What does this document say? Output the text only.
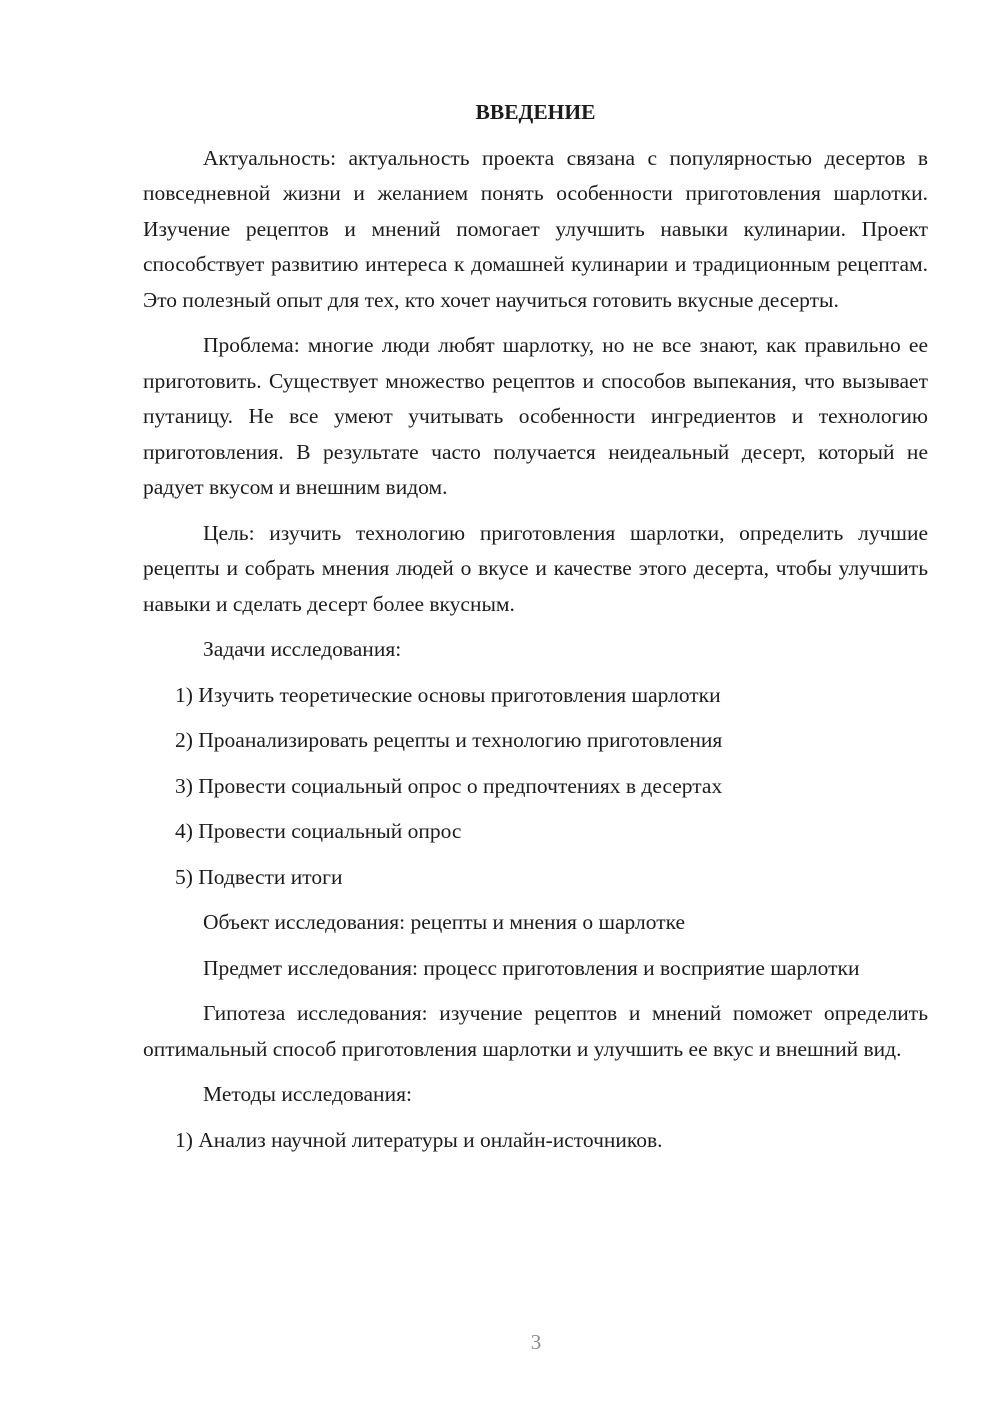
ВВЕДЕНИЕ

Актуальность: актуальность проекта связана с популярностью десертов в повседневной жизни и желанием понять особенности приготовления шарлотки. Изучение рецептов и мнений помогает улучшить навыки кулинарии. Проект способствует развитию интереса к домашней кулинарии и традиционным рецептам. Это полезный опыт для тех, кто хочет научиться готовить вкусные десерты.

Проблема: многие люди любят шарлотку, но не все знают, как правильно ее приготовить. Существует множество рецептов и способов выпекания, что вызывает путаницу. Не все умеют учитывать особенности ингредиентов и технологию приготовления. В результате часто получается неидеальный десерт, который не радует вкусом и внешним видом.

Цель: изучить технологию приготовления шарлотки, определить лучшие рецепты и собрать мнения людей о вкусе и качестве этого десерта, чтобы улучшить навыки и сделать десерт более вкусным.

Задачи исследования:

1) Изучить теоретические основы приготовления шарлотки

2) Проанализировать рецепты и технологию приготовления

3) Провести социальный опрос о предпочтениях в десертах

4) Провести социальный опрос

5) Подвести итоги

Объект исследования: рецепты и мнения о шарлотке

Предмет исследования: процесс приготовления и восприятие шарлотки

Гипотеза исследования: изучение рецептов и мнений поможет определить оптимальный способ приготовления шарлотки и улучшить ее вкус и внешний вид.

Методы исследования:

1) Анализ научной литературы и онлайн-источников.

3
